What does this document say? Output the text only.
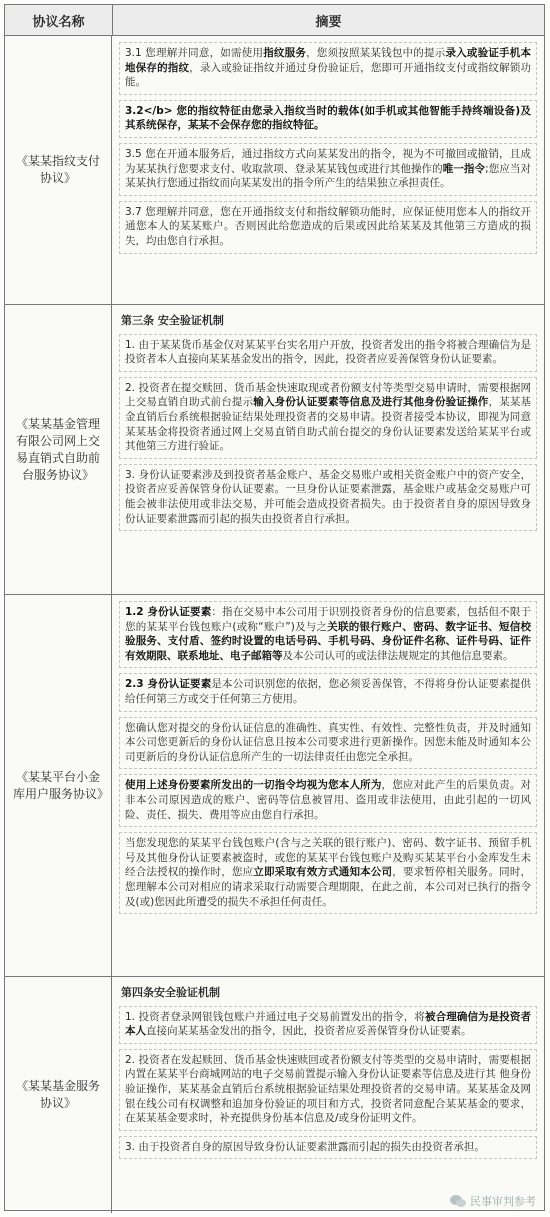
协议名称	摘要
《某某指纹支付协议》
3.1 您理解并同意，如需使用指纹服务，您须按照某某钱包中的提示录入或验证手机本地保存的指纹，录入或验证指纹并通过身份验证后，您即可开通指纹支付或指纹解锁功能。
3.2</b> 您的指纹特征由您录入指纹当时的载体(如手机或其他智能手持终端设备)及其系统保存，某某不会保存您的指纹特征。
3.5 您在开通本服务后，通过指纹方式向某某发出的指令，视为不可撤回或撤销，且成为某某执行您要求支付、收取款项、登录某某钱包或进行其他操作的唯一指令;您应当对某某执行您通过指纹而向某某发出的指令所产生的结果独立承担责任。
3.7 您理解并同意，您在开通指纹支付和指纹解锁功能时，应保证使用您本人的指纹开通您本人的某某账户。否则因此给您造成的后果或因此给某某及其他第三方造成的损失，均由您自行承担。
《某某基金管理有限公司网上交易直销式自助前台服务协议》
第三条 安全验证机制
1. 由于某某货币基金仅对某某平台实名用户开放，投资者发出的指令将被合理确信为是投资者本人直接向某某基金发出的指令，因此，投资者应妥善保管身份认证要素。
2. 投资者在提交赎回、货币基金快速取现或者份额支付等类型交易申请时，需要根据网上交易直销自助式前台提示输入身份认证要素等信息及进行其他身份验证操作，某某基金直销后台系统根据验证结果处理投资者的交易申请。投资者接受本协议，即视为同意某某基金将投资者通过网上交易直销自助式前台提交的身份认证要素发送给某某平台或其他第三方进行验证。
3. 身份认证要素涉及到投资者基金账户、基金交易账户或相关资金账户中的资产安全，投资者应妥善保管身份认证要素。一旦身份认证要素泄露，基金账户或基金交易账户可能会被非法使用或非法交易，并可能会造成投资者损失。由于投资者自身的原因导致身份认证要素泄露而引起的损失由投资者自行承担。
《某某平台小金库用户服务协议》
1.2 身份认证要素：指在交易中本公司用于识别投资者身份的信息要素，包括但不限于您的某某平台钱包账户(或称“账户”)及与之关联的银行账户、密码、数字证书、短信校验服务、支付盾、签约时设置的电话号码、手机号码、身份证件名称、证件号码、证件有效期限、联系地址、电子邮箱等及本公司认可的或法律法规规定的其他信息要素。
2.3 身份认证要素是本公司识别您的依据，您必须妥善保管，不得将身份认证要素提供给任何第三方或交于任何第三方使用。
您确认您对提交的身份认证信息的准确性、真实性、有效性、完整性负责，并及时通知本公司您更新后的身份认证信息且按本公司要求进行更新操作。因您未能及时通知本公司更新后的身份认证信息所产生的一切法律责任由您完全承担。
使用上述身份要素所发出的一切指令均视为您本人所为，您应对此产生的后果负责。对非本公司原因造成的账户、密码等信息被冒用、盗用或非法使用，由此引起的一切风险、责任、损失、费用等应由您自行承担。
当您发现您的某某平台钱包账户(含与之关联的银行账户)、密码、数字证书、预留手机号及其他身份认证要素被盗时，或您的某某平台钱包账户及购买某某平台小金库发生未经合法授权的操作时，您应立即采取有效方式通知本公司，要求暂停相关服务。同时，您理解本公司对相应的请求采取行动需要合理期限，在此之前，本公司对已执行的指令及(或)您因此所遭受的损失不承担任何责任。
《某某基金服务协议》
第四条安全验证机制
1. 投资者登录网银钱包账户并通过电子交易前置发出的指令，将被合理确信为是投资者本人直接向某某基金发出的指令，因此，投资者应妥善保管身份认证要素。
2. 投资者在发起赎回、货币基金快速赎回或者份额支付等类型的交易申请时，需要根据内置在某某平台商城网站的电子交易前置提示输入身份认证要素等信息及进行其 他身份验证操作，某某基金直销后台系统根据验证结果处理投资者的交易申请。某某基金及网银在线公司有权调整和追加身份验证的项目和方式，投资者同意配合某某基金的要求，在某某基金要求时，补充提供身份基本信息及/或身份证明文件。
3. 由于投资者自身的原因导致身份认证要素泄露而引起的损失由投资者承担。
民事审判参考
